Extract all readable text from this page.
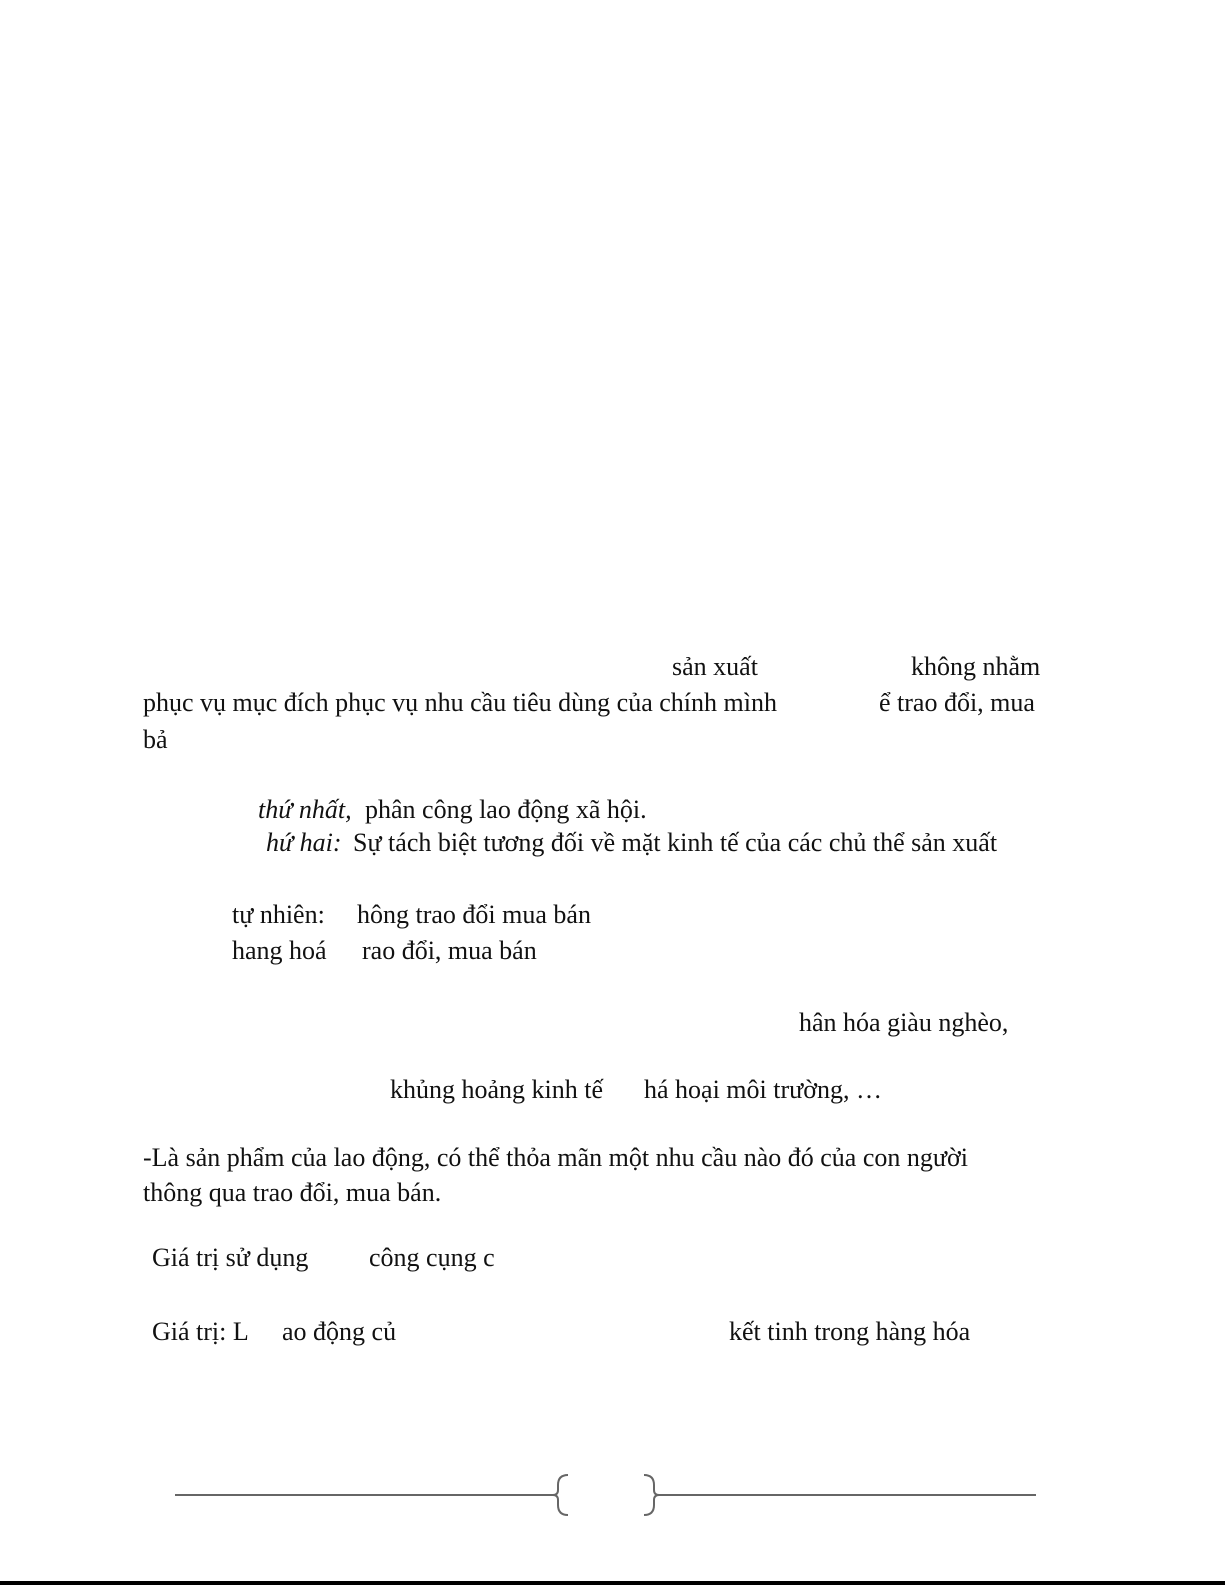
sản xuất	không nhằm
phục vụ mục đích phục vụ nhu cầu tiêu dùng của chính mình	ể trao đổi, mua
bả
thứ nhất, phân công lao động xã hội.
hứ hai: Sự tách biệt tương đối về mặt kinh tế của các chủ thể sản xuất
tự nhiên: hông trao đổi mua bán
hang hoá rao đổi, mua bán
hân hóa giàu nghèo,
khủng hoảng kinh tế há hoại môi trường, …
-Là sản phẩm của lao động, có thể thỏa mãn một nhu cầu nào đó của con người
thông qua trao đổi, mua bán.
Giá trị sử dụng công cụng c
Giá trị: L ao động củ	kết tinh trong hàng hóa
